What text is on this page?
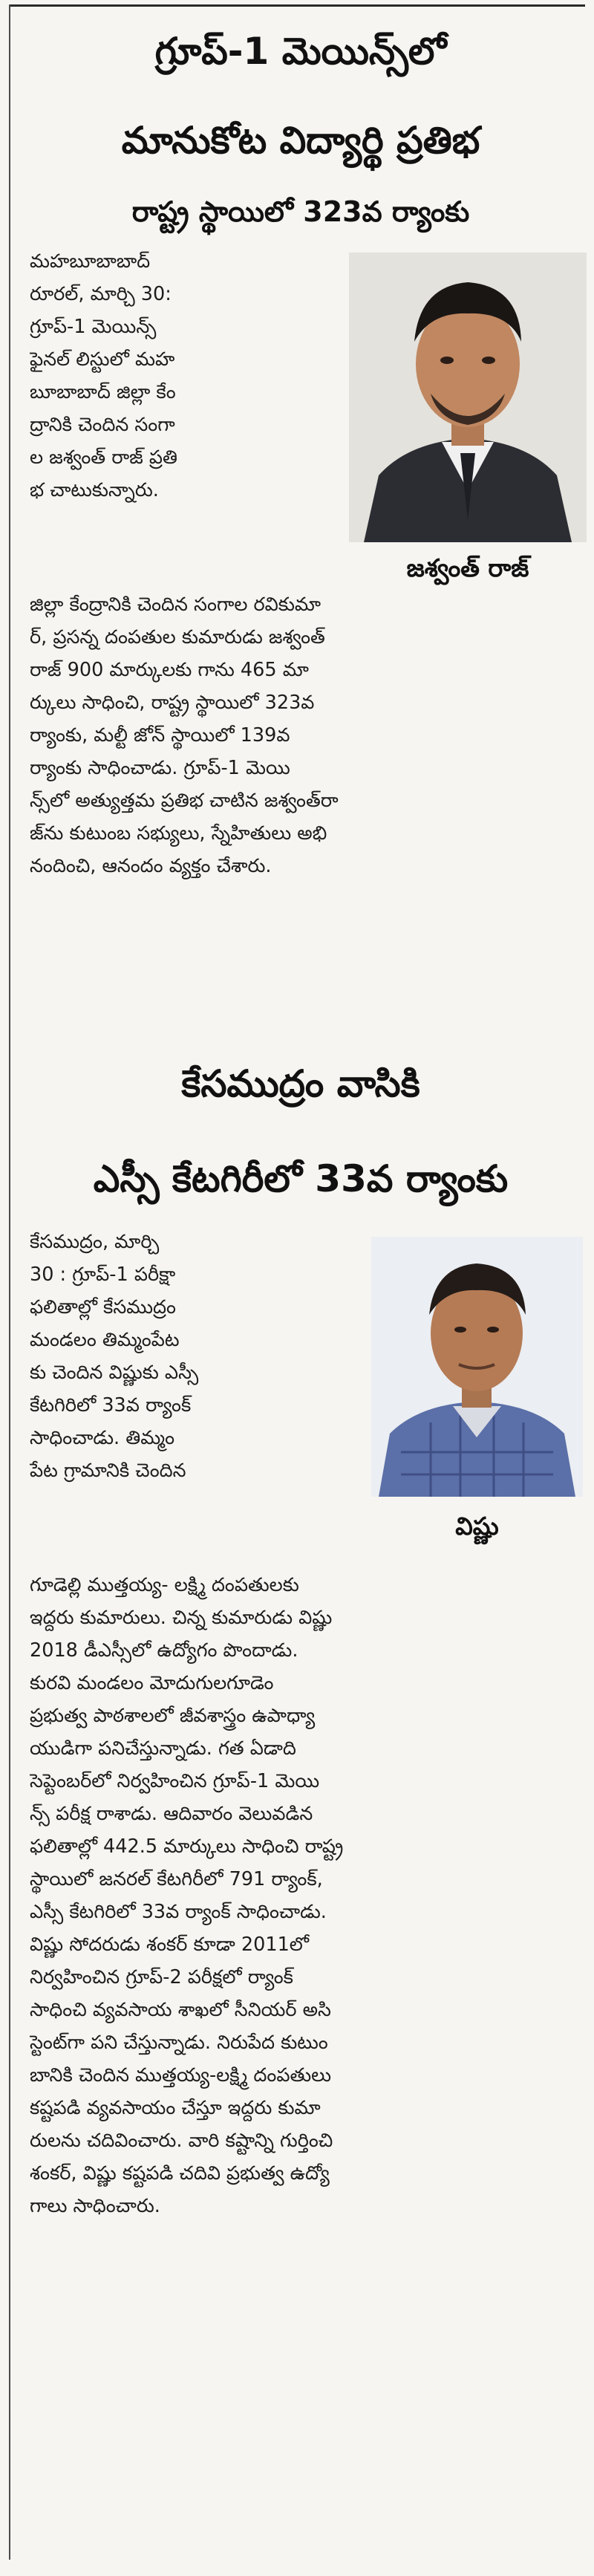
గ్రూప్-1 మెయిన్స్‌లో
మానుకోట విద్యార్థి ప్రతిభ
రాష్ట్ర స్థాయిలో 323వ ర్యాంకు
మహబూబాబాద్
రూరల్, మార్చి 30:
గ్రూప్-1 మెయిన్స్
ఫైనల్ లిస్టులో మహ
బూబాబాద్ జిల్లా కేం
ద్రానికి చెందిన సంగా
ల జశ్వంత్ రాజ్ ప్రతి
భ చాటుకున్నారు.
జశ్వంత్ రాజ్
జిల్లా కేంద్రానికి చెందిన సంగాల రవికుమా
ర్, ప్రసన్న దంపతుల కుమారుడు జశ్వంత్
రాజ్ 900 మార్కులకు గాను 465 మా
ర్కులు సాధించి, రాష్ట్ర స్థాయిలో 323వ
ర్యాంకు, మల్టీ జోన్ స్థాయిలో 139వ
ర్యాంకు సాధించాడు. గ్రూప్-1 మెయి
న్స్‌లో అత్యుత్తమ ప్రతిభ చాటిన జశ్వంత్‌రా
జ్‌ను కుటుంబ సభ్యులు, స్నేహితులు అభి
నందించి, ఆనందం వ్యక్తం చేశారు.
కేసముద్రం వాసికి
ఎస్సీ కేటగిరీలో 33వ ర్యాంకు
కేసముద్రం, మార్చి
30 : గ్రూప్-1 పరీక్షా
ఫలితాల్లో కేసముద్రం
మండలం తిమ్మంపేట
కు చెందిన విష్ణుకు ఎస్సీ
కేటగిరిలో 33వ ర్యాంక్
సాధించాడు. తిమ్మం
పేట గ్రామానికి చెందిన
విష్ణు
గూడెల్లి ముత్తయ్య- లక్ష్మి దంపతులకు
ఇద్దరు కుమారులు. చిన్న కుమారుడు విష్ణు
2018 డీఎస్సీలో ఉద్యోగం పొందాడు.
కురవి మండలం మోదుగులగూడెం
ప్రభుత్వ పాఠశాలలో జీవశాస్త్రం ఉపాధ్యా
యుడిగా పనిచేస్తున్నాడు. గత ఏడాది
సెప్టెంబర్‌లో నిర్వహించిన గ్రూప్-1 మెయి
న్స్ పరీక్ష రాశాడు. ఆదివారం వెలువడిన
ఫలితాల్లో 442.5 మార్కులు సాధించి రాష్ట్ర
స్థాయిలో జనరల్ కేటగిరీలో 791 ర్యాంక్,
ఎస్సీ కేటగిరిలో 33వ ర్యాంక్ సాధించాడు.
విష్ణు సోదరుడు శంకర్ కూడా 2011లో
నిర్వహించిన గ్రూప్-2 పరీక్షలో ర్యాంక్
సాధించి వ్యవసాయ శాఖలో సీనియర్ అసి
స్టెంట్‌గా పని చేస్తున్నాడు. నిరుపేద కుటుం
బానికి చెందిన ముత్తయ్య-లక్ష్మి దంపతులు
కష్టపడి వ్యవసాయం చేస్తూ ఇద్దరు కుమా
రులను చదివించారు. వారి కష్టాన్ని గుర్తించి
శంకర్, విష్ణు కష్టపడి చదివి ప్రభుత్వ ఉద్యో
గాలు సాధించారు.
